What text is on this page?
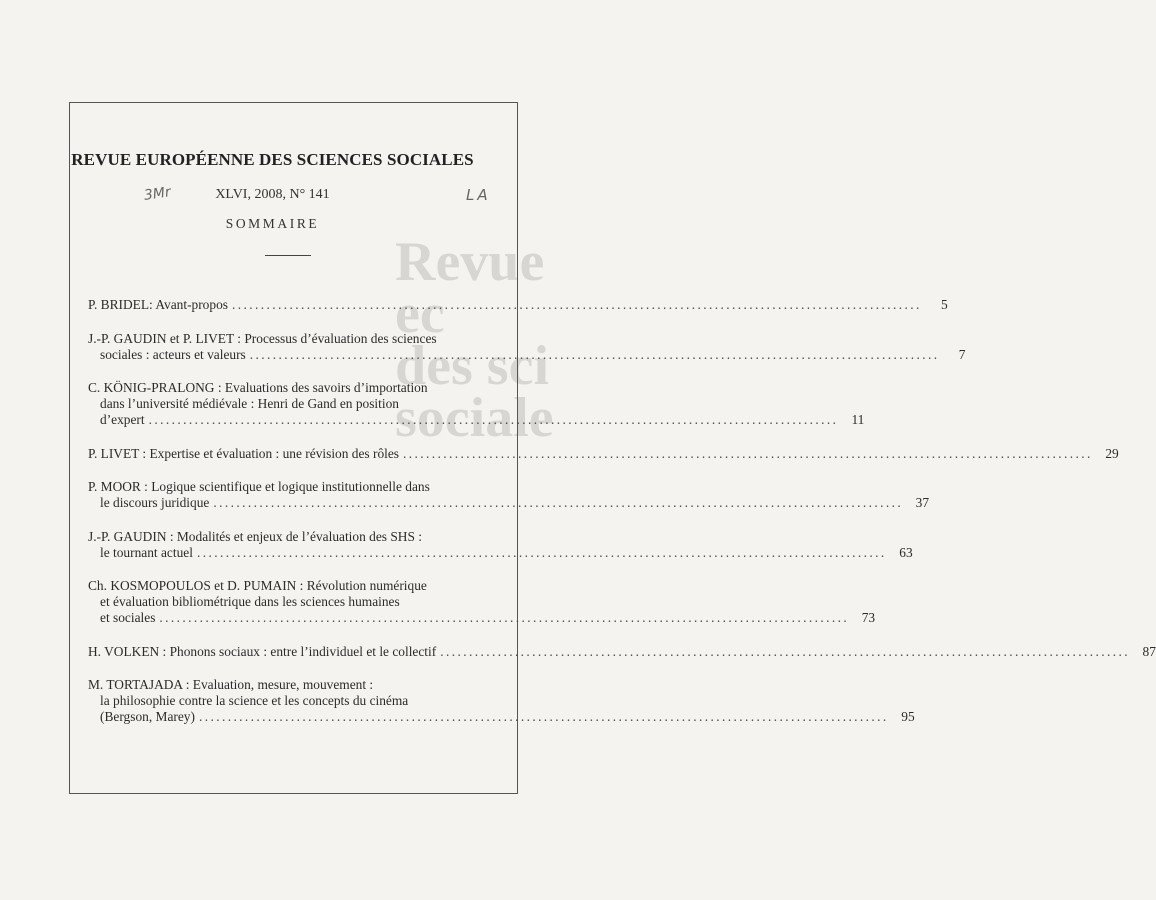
Revue
ec
des sci
sociale
REVUE EUROPÉENNE DES SCIENCES SOCIALES
3Mr	XLVI, 2008, N° 141	LA
SOMMAIRE
P. BRIDEL: Avant-propos ........................................................................................................................	5
J.-P. GAUDIN et P. LIVET : Processus d’évaluation des sciences
sociales : acteurs et valeurs ........................................................................................................................	7
C. KÖNIG-PRALONG : Evaluations des savoirs d’importation
dans l’université médiévale : Henri de Gand en position
d’expert ........................................................................................................................ 11
P. LIVET : Expertise et évaluation : une révision des rôles ........................................................................................................................ 29
P. MOOR : Logique scientifique et logique institutionnelle dans
le discours juridique ........................................................................................................................ 37
J.-P. GAUDIN : Modalités et enjeux de l’évaluation des SHS :
le tournant actuel ........................................................................................................................ 63
Ch. KOSMOPOULOS et D. PUMAIN : Révolution numérique
et évaluation bibliométrique dans les sciences humaines
et sociales ........................................................................................................................ 73
H. VOLKEN : Phonons sociaux : entre l’individuel et le collectif ........................................................................................................................ 87
M. TORTAJADA : Evaluation, mesure, mouvement :
la philosophie contre la science et les concepts du cinéma
(Bergson, Marey) ........................................................................................................................ 95
